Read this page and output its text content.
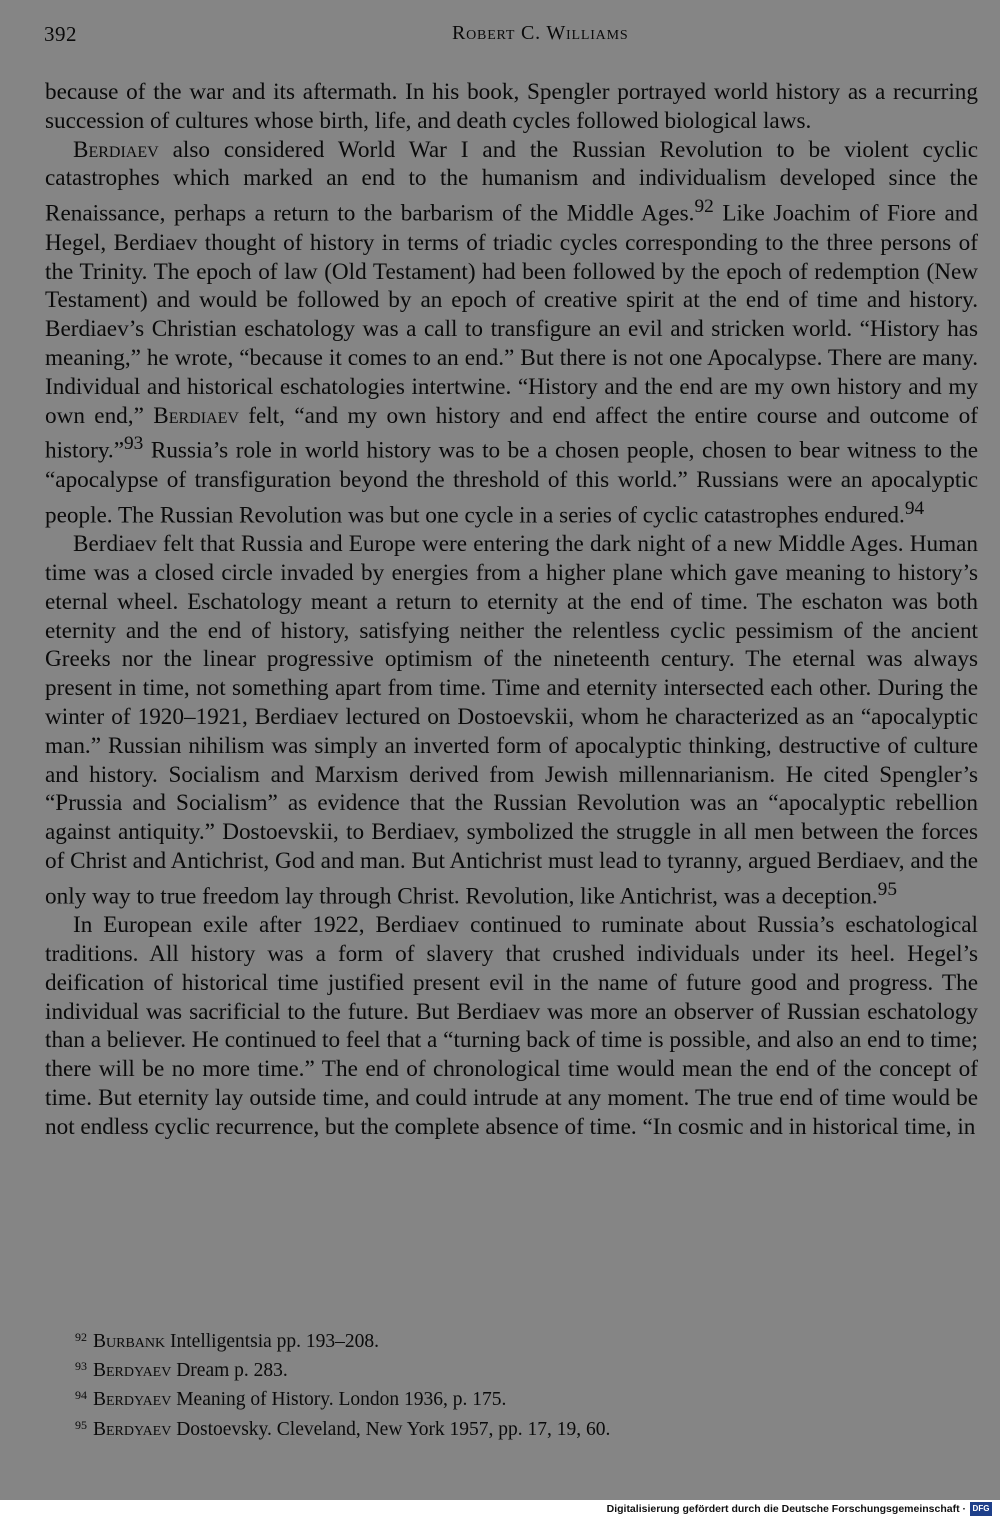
392	Robert C. Williams

because of the war and its aftermath. In his book, Spengler portrayed world history as a recurring succession of cultures whose birth, life, and death cycles followed biological laws.

Berdiaev also considered World War I and the Russian Revolution to be violent cyclic catastrophes which marked an end to the humanism and individualism developed since the Renaissance, perhaps a return to the barbarism of the Middle Ages.$^{92}$ Like Joachim of Fiore and Hegel, Berdiaev thought of history in terms of triadic cycles corresponding to the three persons of the Trinity. The epoch of law (Old Testament) had been followed by the epoch of redemption (New Testament) and would be followed by an epoch of creative spirit at the end of time and history. Berdiaev’s Christian eschatology was a call to transfigure an evil and stricken world. “History has meaning,” he wrote, “because it comes to an end.” But there is not one Apocalypse. There are many. Individual and historical eschatologies intertwine. “History and the end are my own history and my own end,” Berdiaev felt, “and my own history and end affect the entire course and outcome of history.”$^{93}$ Russia’s role in world history was to be a chosen people, chosen to bear witness to the “apocalypse of transfiguration beyond the threshold of this world.” Russians were an apocalyptic people. The Russian Revolution was but one cycle in a series of cyclic catastrophes endured.$^{94}$

Berdiaev felt that Russia and Europe were entering the dark night of a new Middle Ages. Human time was a closed circle invaded by energies from a higher plane which gave meaning to history’s eternal wheel. Eschatology meant a return to eternity at the end of time. The eschaton was both eternity and the end of history, satisfying neither the relentless cyclic pessimism of the ancient Greeks nor the linear progressive optimism of the nineteenth century. The eternal was always present in time, not something apart from time. Time and eternity intersected each other. During the winter of 1920–1921, Berdiaev lectured on Dostoevskii, whom he characterized as an “apocalyptic man.” Russian nihilism was simply an inverted form of apocalyptic thinking, destructive of culture and history. Socialism and Marxism derived from Jewish millennarianism. He cited Spengler’s “Prussia and Socialism” as evidence that the Russian Revolution was an “apocalyptic rebellion against antiquity.” Dostoevskii, to Berdiaev, symbolized the struggle in all men between the forces of Christ and Antichrist, God and man. But Antichrist must lead to tyranny, argued Berdiaev, and the only way to true freedom lay through Christ. Revolution, like Antichrist, was a deception.$^{95}$

In European exile after 1922, Berdiaev continued to ruminate about Russia’s eschatological traditions. All history was a form of slavery that crushed individuals under its heel. Hegel’s deification of historical time justified present evil in the name of future good and progress. The individual was sacrificial to the future. But Berdiaev was more an observer of Russian eschatology than a believer. He continued to feel that a “turning back of time is possible, and also an end to time; there will be no more time.” The end of chronological time would mean the end of the concept of time. But eternity lay outside time, and could intrude at any moment. The true end of time would be not endless cyclic recurrence, but the complete absence of time. “In cosmic and in historical time, in

$^{92}$ Burbank Intelligentsia pp. 193–208.
$^{93}$ Berdyaev Dream p. 283.
$^{94}$ Berdyaev Meaning of History. London 1936, p. 175.
$^{95}$ Berdyaev Dostoevsky. Cleveland, New York 1957, pp. 17, 19, 60.
Digitalisierung gefördert durch die Deutsche Forschungsgemeinschaft · DFG
